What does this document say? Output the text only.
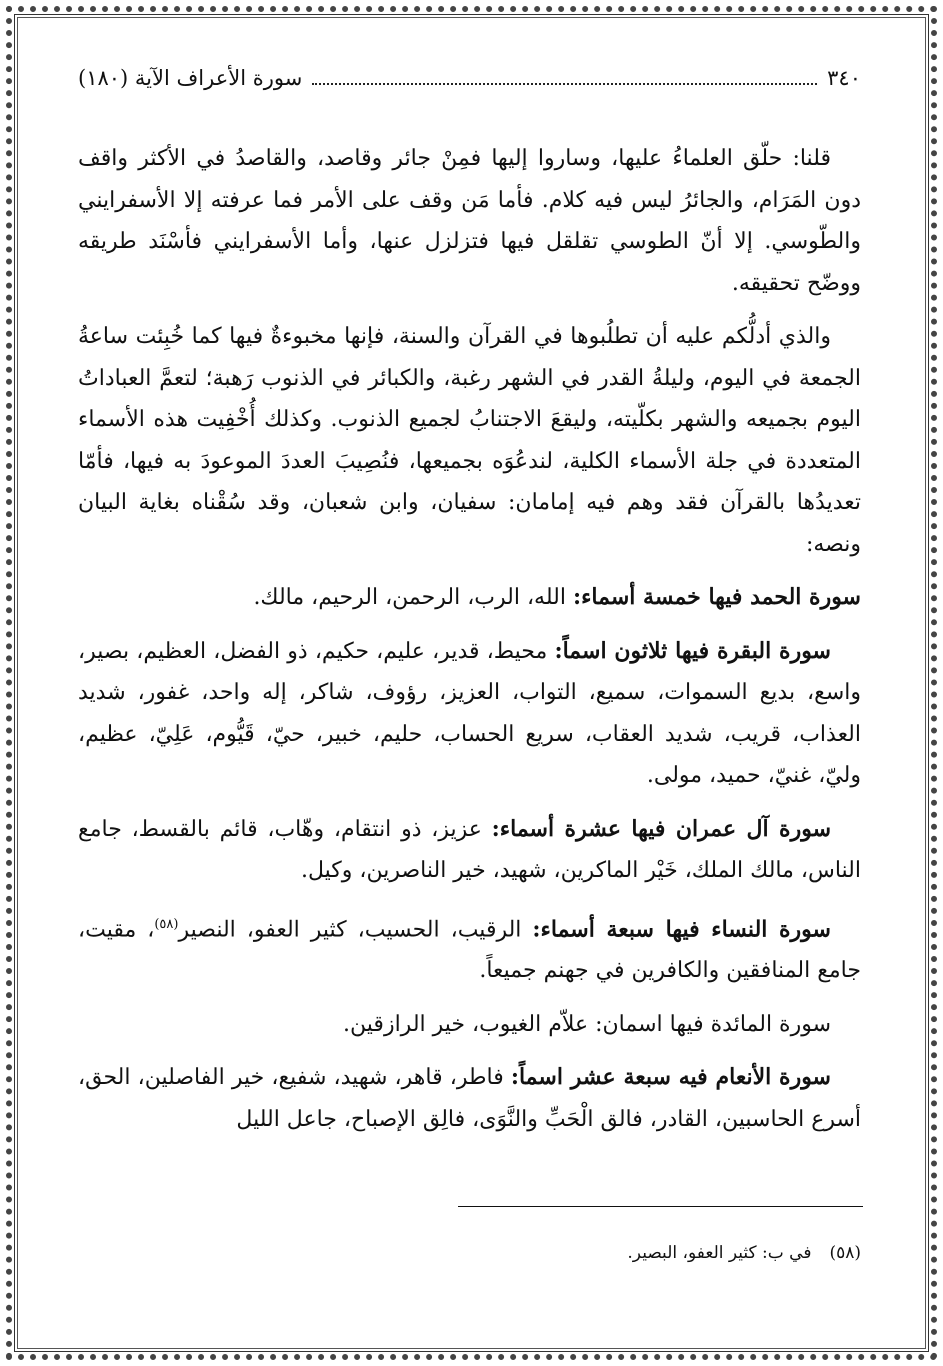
٣٤٠
سورة الأعراف الآية (١٨٠)

قلنا: حلّق العلماءُ عليها، وساروا إليها فمِنْ جائر وقاصد، والقاصدُ في الأكثر واقف دون المَرَام، والجائرُ ليس فيه كلام. فأما مَن وقف على الأمر فما عرفته إلا الأسفرايني والطّوسي. إلا أنّ الطوسي تقلقل فيها فتزلزل عنها، وأما الأسفرايني فأسْنَد طريقه ووضّح تحقيقه.

والذي أدلُّكم عليه أن تطلُبوها في القرآن والسنة، فإنها مخبوءةٌ فيها كما خُبِئت ساعةُ الجمعة في اليوم، وليلةُ القدر في الشهر رغبة، والكبائر في الذنوب رَهبة؛ لتعمَّ العباداتُ اليوم بجميعه والشهر بكلّيته، وليقعَ الاجتنابُ لجميع الذنوب. وكذلك أُخْفِيت هذه الأسماء المتعددة في جلة الأسماء الكلية، لندعُوَه بجميعها، فنُصِيبَ العددَ الموعودَ به فيها، فأمّا تعديدُها بالقرآن فقد وهم فيه إمامان: سفيان، وابن شعبان، وقد سُقْناه بغاية البيان ونصه:

سورة الحمد فيها خمسة أسماء: الله، الرب، الرحمن، الرحيم، مالك.

سورة البقرة فيها ثلاثون اسماً: محيط، قدير، عليم، حكيم، ذو الفضل، العظيم، بصير، واسع، بديع السموات، سميع، التواب، العزيز، رؤوف، شاكر، إله واحد، غفور، شديد العذاب، قريب، شديد العقاب، سريع الحساب، حليم، خبير، حيّ، قَيُّوم، عَلِيّ، عظيم، وليّ، غنيّ، حميد، مولى.

سورة آل عمران فيها عشرة أسماء: عزيز، ذو انتقام، وهّاب، قائم بالقسط، جامع الناس، مالك الملك، خَيْر الماكرين، شهيد، خير الناصرين، وكيل.

سورة النساء فيها سبعة أسماء: الرقيب، الحسيب، كثير العفو، النصير$^{(٥٨)}$، مقيت، جامع المنافقين والكافرين في جهنم جميعاً.

سورة المائدة فيها اسمان: علاّم الغيوب، خير الرازقين.

سورة الأنعام فيه سبعة عشر اسماً: فاطر، قاهر، شهيد، شفيع، خير الفاصلين، الحق، أسرع الحاسبين، القادر، فالق الْحَبِّ والنَّوَى، فالِق الإصباح، جاعل الليل

(٥٨)في ب: كثير العفو، البصير.
